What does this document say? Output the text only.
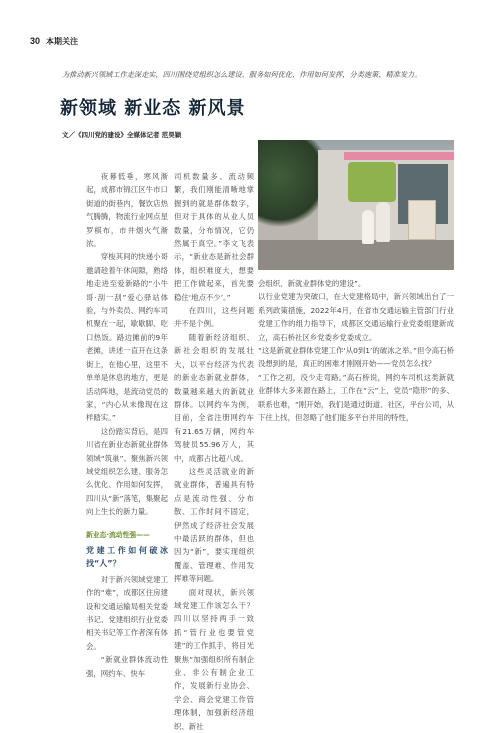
30 本期关注
为推动新兴领域工作走深走实，四川围绕党组织怎么建设、服务如何优化、作用如何发挥，分类施策、精准发力。
新领域 新业态 新风景
文／《四川党的建设》全媒体记者 范昊颖

夜幕低垂，寒风渐起，成都市锦江区牛市口街道的街巷内，餐饮店热气腾腾，物流行业网点星罗棋布，市井烟火气渐浓。

穿梭其间的快递小哥邀请趁着午休间隙，熟络地走进至爱新路的“小牛哥·刮一刮”爱心驿站体验，与外卖员、网约车司机聚在一起，歇歇脚、吃口热饭。路边摊前的9年老摊，讲述一直开在这条街上，在他心里，这里不单单是休息的地方，更是活动阵地，是流动党员的家，“内心从未像现在这样踏实。”

这份踏实背后，是四川省在新业态新就业群体领域“筑巢”。聚焦新兴领域党组织怎么建、服务怎么优化、作用如何发挥，四川从“新”落笔，集聚起向上生长的新力量。

新业态·流动性强——
党建工作如何破冰找“人”？

对于新兴领域党建工作的“难”，成都区住房建设和交通运输局相关党委书记、党建组织行业党委相关书记等工作者深有体会。

“新就业群体流动性强，网约车、快车

司机数量多、流动频繁，我们刚能清晰地掌握到的就是群体数字，但对于具体的从业人员数量，分布情况，它仍然属于真空。”李文飞表示，“新业态是新社会群体，组织难度大，想要把工作做起来，首先要稳住‘地点不少’。”

在四川，这些问题并不是个例。

随着新经济组织、新社会组织的发展壮大，以平台经济为代表的新业态新就业群体，数量越来越大的新就业群体。以网约车为例，目前，全省注册网约车有21.65万辆，网约车驾驶员55.96万人，其中，成都占比超八成。

这些灵活就业的新就业群体，普遍具有特点是流动性强、分布散、工作时间不固定，伊然成了经济社会发展中最活跃的群体，但也因为“新”，要实现组织覆盖、管理难、作用发挥难等问题。

面对现状，新兴领域党建工作该怎么干？四川以坚持两手一致抓“管行业也要管党建”的工作抓手，将目光聚焦“加强组织所有制企业、非公有制企业工作，发展新行业协会、学会、商会党建工作管理体制，加强新经济组织、新社

会组织、新就业群体党的建设”。

以行业党建为突破口，在大党建格局中，新兴领域出台了一系列政策措施，2022年4月，在省市交通运输主管部门行业党建工作的组力指导下，成都区交通运输行业党委组建新成立，高石桥社区乡党委乡党委成立。

“这是新就业群体党建工作‘从0到1’的破冰之举。”但令高石桥没想到的是，真正的困难才刚刚开始——党员怎么找？

“工作之初，没少走弯路。”高石桥说，网约车司机这类新就业群体大多来源在路上，工作在“云”上，党员“隐形”的多、联系也难，“刚开始，我们是通过街道、社区，平台公司，从下往上找，但忽略了他们能多平台并用的特性，
